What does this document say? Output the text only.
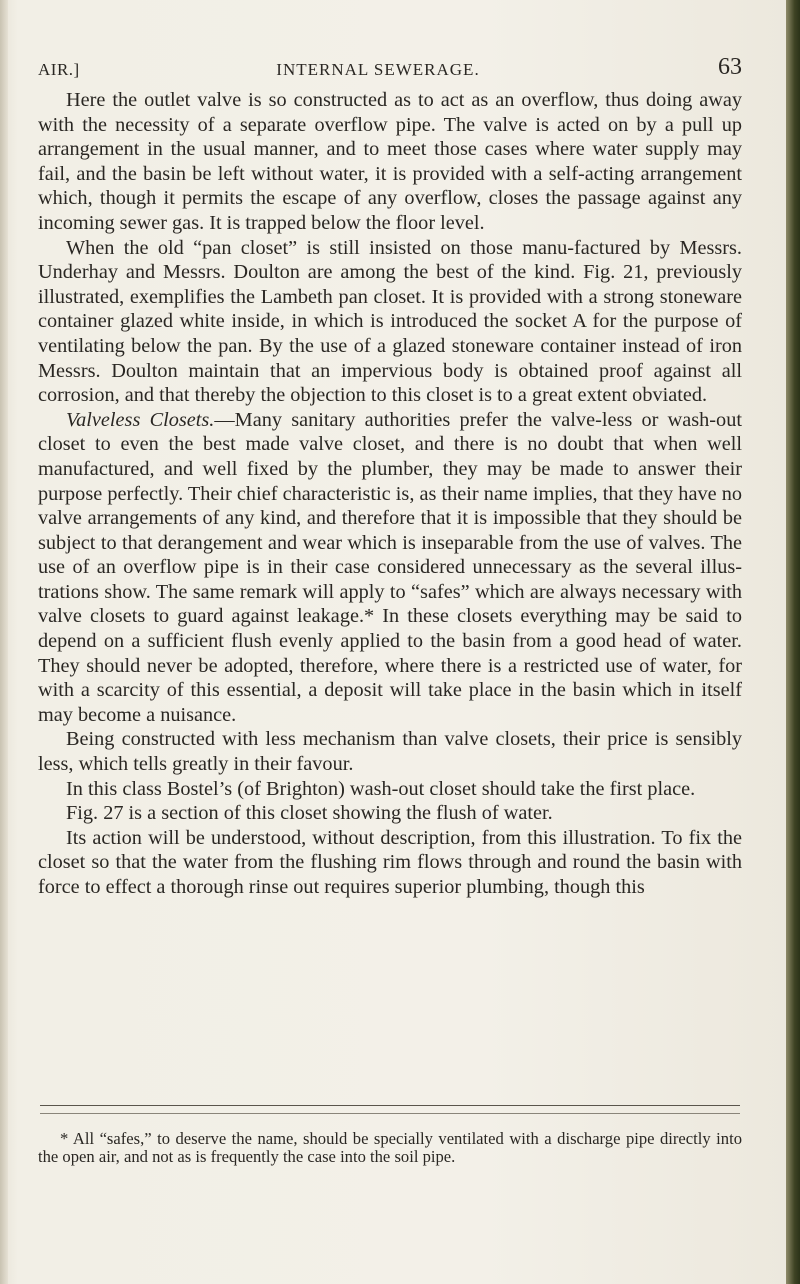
AIR.]	INTERNAL SEWERAGE.	63

Here the outlet valve is so constructed as to act as an overflow, thus doing away with the necessity of a separate overflow pipe. The valve is acted on by a pull up arrangement in the usual manner, and to meet those cases where water supply may fail, and the basin be left without water, it is provided with a self-acting arrangement which, though it permits the escape of any overflow, closes the passage against any incoming sewer gas. It is trapped below the floor level.

When the old “pan closet” is still insisted on those manu-factured by Messrs. Underhay and Messrs. Doulton are among the best of the kind. Fig. 21, previously illustrated, exemplifies the Lambeth pan closet. It is provided with a strong stoneware container glazed white inside, in which is introduced the socket A for the purpose of ventilating below the pan. By the use of a glazed stoneware container instead of iron Messrs. Doulton maintain that an impervious body is obtained proof against all corrosion, and that thereby the objection to this closet is to a great extent obviated.

Valveless Closets.—Many sanitary authorities prefer the valve-less or wash-out closet to even the best made valve closet, and there is no doubt that when well manufactured, and well fixed by the plumber, they may be made to answer their purpose perfectly. Their chief characteristic is, as their name implies, that they have no valve arrangements of any kind, and therefore that it is impossible that they should be subject to that derangement and wear which is inseparable from the use of valves. The use of an overflow pipe is in their case considered unnecessary as the several illus-trations show. The same remark will apply to “safes” which are always necessary with valve closets to guard against leakage.* In these closets everything may be said to depend on a sufficient flush evenly applied to the basin from a good head of water. They should never be adopted, therefore, where there is a restricted use of water, for with a scarcity of this essential, a deposit will take place in the basin which in itself may become a nuisance.

Being constructed with less mechanism than valve closets, their price is sensibly less, which tells greatly in their favour.

In this class Bostel’s (of Brighton) wash-out closet should take the first place.

Fig. 27 is a section of this closet showing the flush of water.

Its action will be understood, without description, from this illustration. To fix the closet so that the water from the flushing rim flows through and round the basin with force to effect a thorough rinse out requires superior plumbing, though this

* All “safes,” to deserve the name, should be specially ventilated with a discharge pipe directly into the open air, and not as is frequently the case into the soil pipe.
